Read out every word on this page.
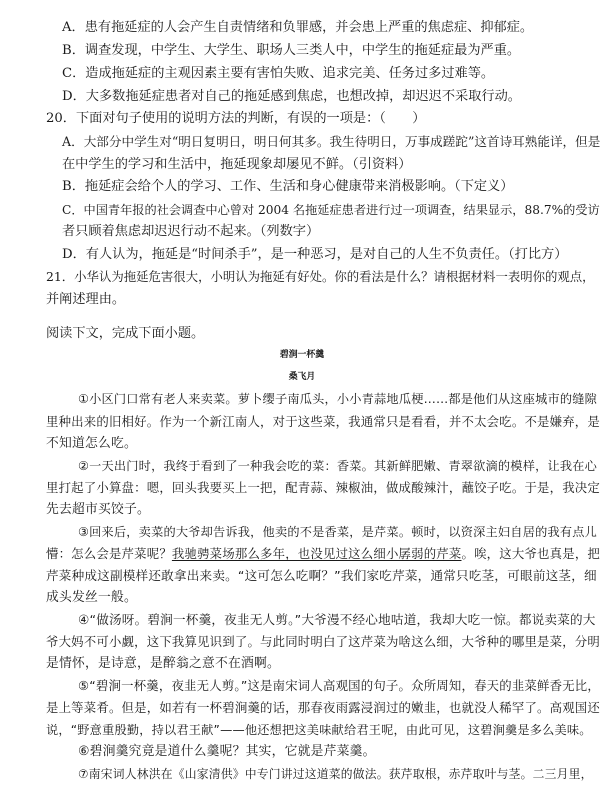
A．患有拖延症的人会产生自责情绪和负罪感，并会患上严重的焦虑症、抑郁症。
B．调查发现，中学生、大学生、职场人三类人中，中学生的拖延症最为严重。
C．造成拖延症的主观因素主要有害怕失败、追求完美、任务过多过难等。
D．大多数拖延症患者对自己的拖延感到焦虑，也想改掉，却迟迟不采取行动。
20．下面对句子使用的说明方法的判断，有误的一项是：（　　）
A．大部分中学生对“明日复明日，明日何其多。我生待明日，万事成蹉跎”这首诗耳熟能详，但是
在中学生的学习和生活中，拖延现象却屡见不鲜。（引资料）
B．拖延症会给个人的学习、工作、生活和身心健康带来消极影响。（下定义）
C．中国青年报的社会调查中心曾对 2004 名拖延症患者进行过一项调查，结果显示，88.7%的受访
者只顾着焦虑却迟迟行动不起来。（列数字）
D．有人认为，拖延是“时间杀手”，是一种恶习，是对自己的人生不负责任。（打比方）
21．小华认为拖延危害很大，小明认为拖延有好处。你的看法是什么？请根据材料一表明你的观点，
并阐述理由。
阅读下文，完成下面小题。
碧涧一杯羹
桑飞月
①小区门口常有老人来卖菜。萝卜缨子南瓜头，小小青蒜地瓜梗……都是他们从这座城市的缝隙
里种出来的旧相好。作为一个新江南人，对于这些菜，我通常只是看看，并不太会吃。不是嫌弃，是
不知道怎么吃。
②一天出门时，我终于看到了一种我会吃的菜：香菜。其新鲜肥嫩、青翠欲滴的模样，让我在心
里打起了小算盘：嗯，回头我要买上一把，配青蒜、辣椒油，做成酸辣汁，蘸饺子吃。于是，我决定
先去超市买饺子。
③回来后，卖菜的大爷却告诉我，他卖的不是香菜，是芹菜。顿时，以资深主妇自居的我有点儿
懵：怎么会是芹菜呢？我驰骋菜场那么多年，也没见过这么细小孱弱的芹菜。唉，这大爷也真是，把
芹菜种成这副模样还敢拿出来卖。“这可怎么吃啊？”我们家吃芹菜，通常只吃茎，可眼前这茎，细
成头发丝一般。
④“做汤呀。碧涧一杯羹，夜韭无人剪。”大爷漫不经心地咕道，我却大吃一惊。都说卖菜的大
爷大妈不可小觑，这下我算见识到了。与此同时明白了这芹菜为啥这么细，大爷种的哪里是菜，分明
是情怀，是诗意，是醉翁之意不在酒啊。
⑤“碧涧一杯羹，夜韭无人剪。”这是南宋词人高观国的句子。众所周知，春天的韭菜鲜香无比，
是上等菜肴。但是，如若有一杯碧涧羹的话，那春夜雨露浸润过的嫩韭，也就没人稀罕了。高观国还
说，“野意重殷勤，持以君王献”——他还想把这美味献给君王呢，由此可见，这碧涧羹是多么美味。
⑥碧涧羹究竟是道什么羹呢？其实，它就是芹菜羹。
⑦南宋词人林洪在《山家清供》中专门讲过这道菜的做法。获芹取根，赤芹取叶与茎。二三月里，
